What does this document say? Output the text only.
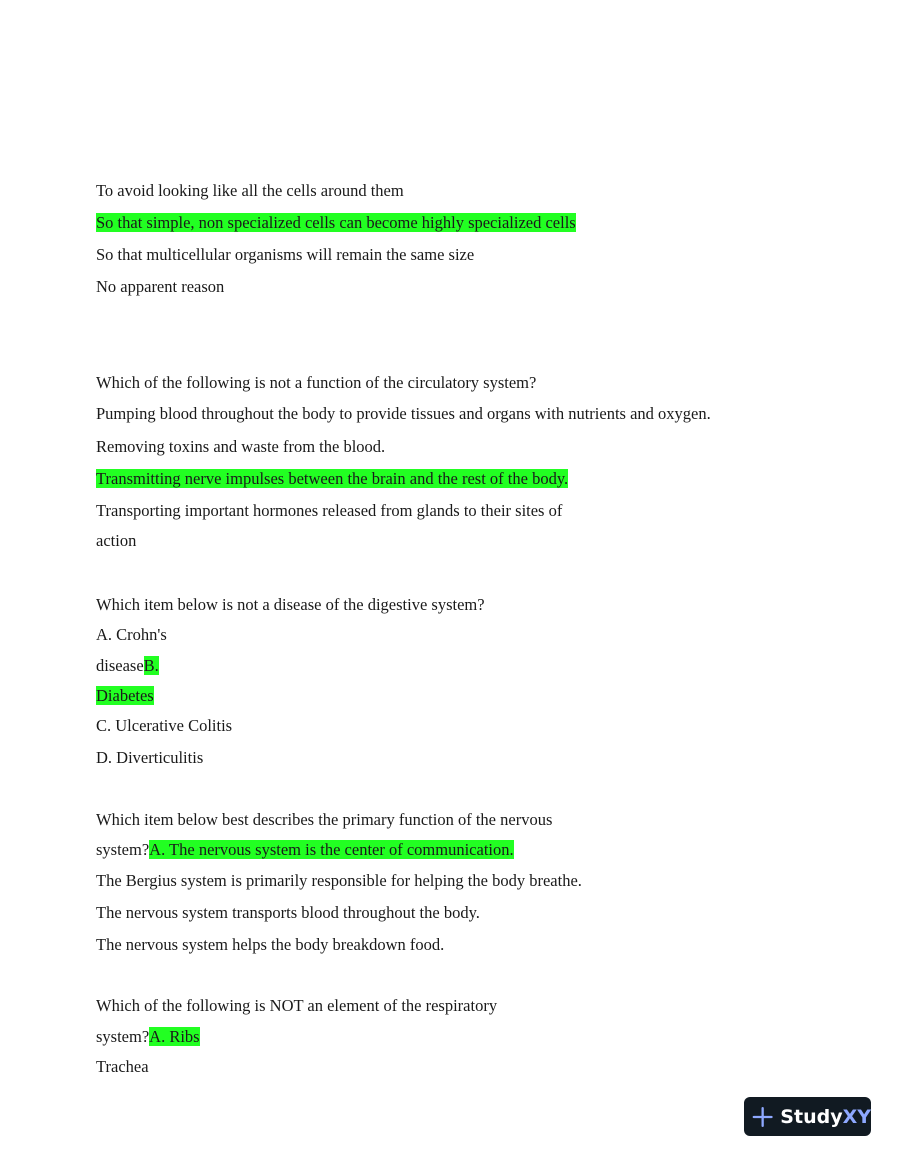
To avoid looking like all the cells around them
So that simple, non specialized cells can become highly specialized cells
So that multicellular organisms will remain the same size
No apparent reason
Which of the following is not a function of the circulatory system?
Pumping blood throughout the body to provide tissues and organs with nutrients and oxygen.
Removing toxins and waste from the blood.
Transmitting nerve impulses between the brain and the rest of the body.
Transporting important hormones released from glands to their sites of
action
Which item below is not a disease of the digestive system?
A. Crohn's
diseaseB.
Diabetes
C. Ulcerative Colitis
D. Diverticulitis
Which item below best describes the primary function of the nervous
system?A. The nervous system is the center of communication.
The Bergius system is primarily responsible for helping the body breathe.
The nervous system transports blood throughout the body.
The nervous system helps the body breakdown food.
Which of the following is NOT an element of the respiratory
system?A. Ribs
Trachea
Study XY
